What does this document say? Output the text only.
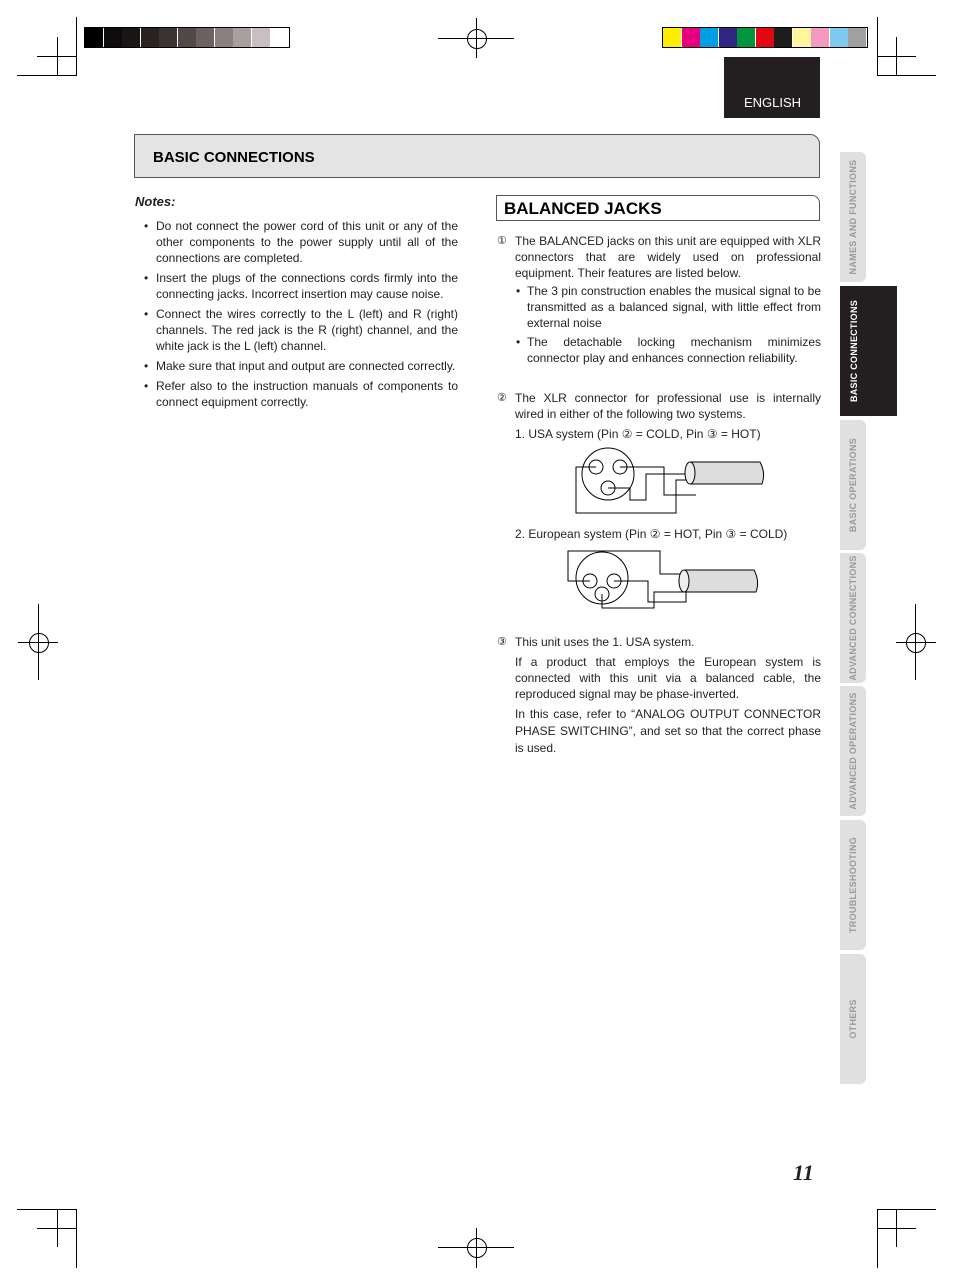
ENGLISH
BASIC CONNECTIONS
Notes:
• Do not connect the power cord of this unit or any of the other components to the power supply until all of the connections are completed.
• Insert the plugs of the connections cords firmly into the connecting jacks. Incorrect insertion may cause noise.
• Connect the wires correctly to the L (left) and R (right) channels. The red jack is the R (right) channel, and the white jack is the L (left) channel.
• Make sure that input and output are connected correctly.
• Refer also to the instruction manuals of components to connect equipment correctly.
BALANCED JACKS
① The BALANCED jacks on this unit are equipped with XLR connectors that are widely used on professional equipment. Their features are listed below.
• The 3 pin construction enables the musical signal to be transmitted as a balanced signal, with little effect from external noise
• The detachable locking mechanism minimizes connector play and enhances connection reliability.
② The XLR connector for professional use is internally wired in either of the following two systems.
1. USA system (Pin ② = COLD, Pin ③ = HOT)
2. European system (Pin ② = HOT, Pin ③ = COLD)
③ This unit uses the 1. USA system.
If a product that employs the European system is connected with this unit via a balanced cable, the reproduced signal may be phase-inverted.
In this case, refer to “ANALOG OUTPUT CONNECTOR PHASE SWITCHING”, and set so that the correct phase is used.
NAMES AND FUNCTIONS
BASIC CONNECTIONS
BASIC OPERATIONS
ADVANCED CONNECTIONS
ADVANCED OPERATIONS
TROUBLESHOOTING
OTHERS
11
